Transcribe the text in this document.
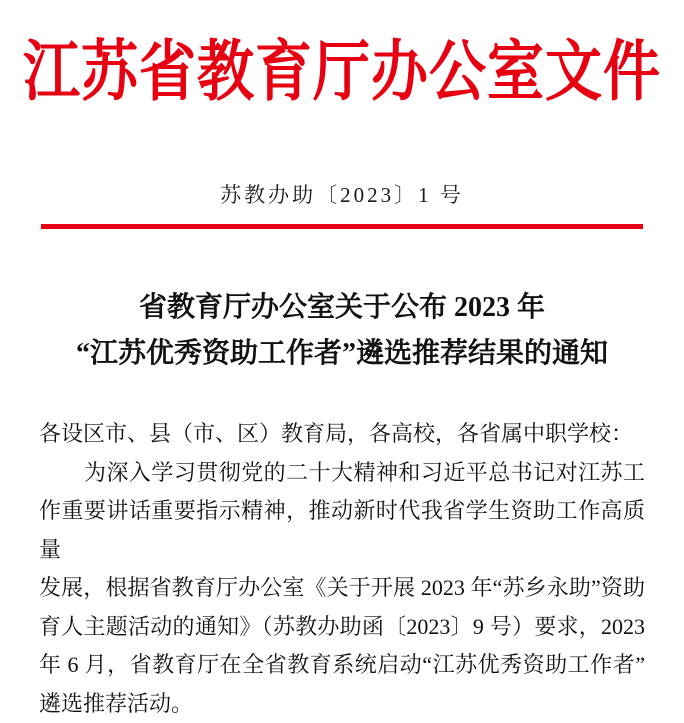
江苏省教育厅办公室文件
苏教办助〔2023〕1 号
省教育厅办公室关于公布 2023 年
“江苏优秀资助工作者”遴选推荐结果的通知
各设区市、县（市、区）教育局，各高校，各省属中职学校：
为深入学习贯彻党的二十大精神和习近平总书记对江苏工
作重要讲话重要指示精神，推动新时代我省学生资助工作高质量
发展，根据省教育厅办公室《关于开展 2023 年“苏乡永助”资助
育人主题活动的通知》（苏教办助函〔2023〕9 号）要求，2023
年 6 月，省教育厅在全省教育系统启动“江苏优秀资助工作者”
遴选推荐活动。
